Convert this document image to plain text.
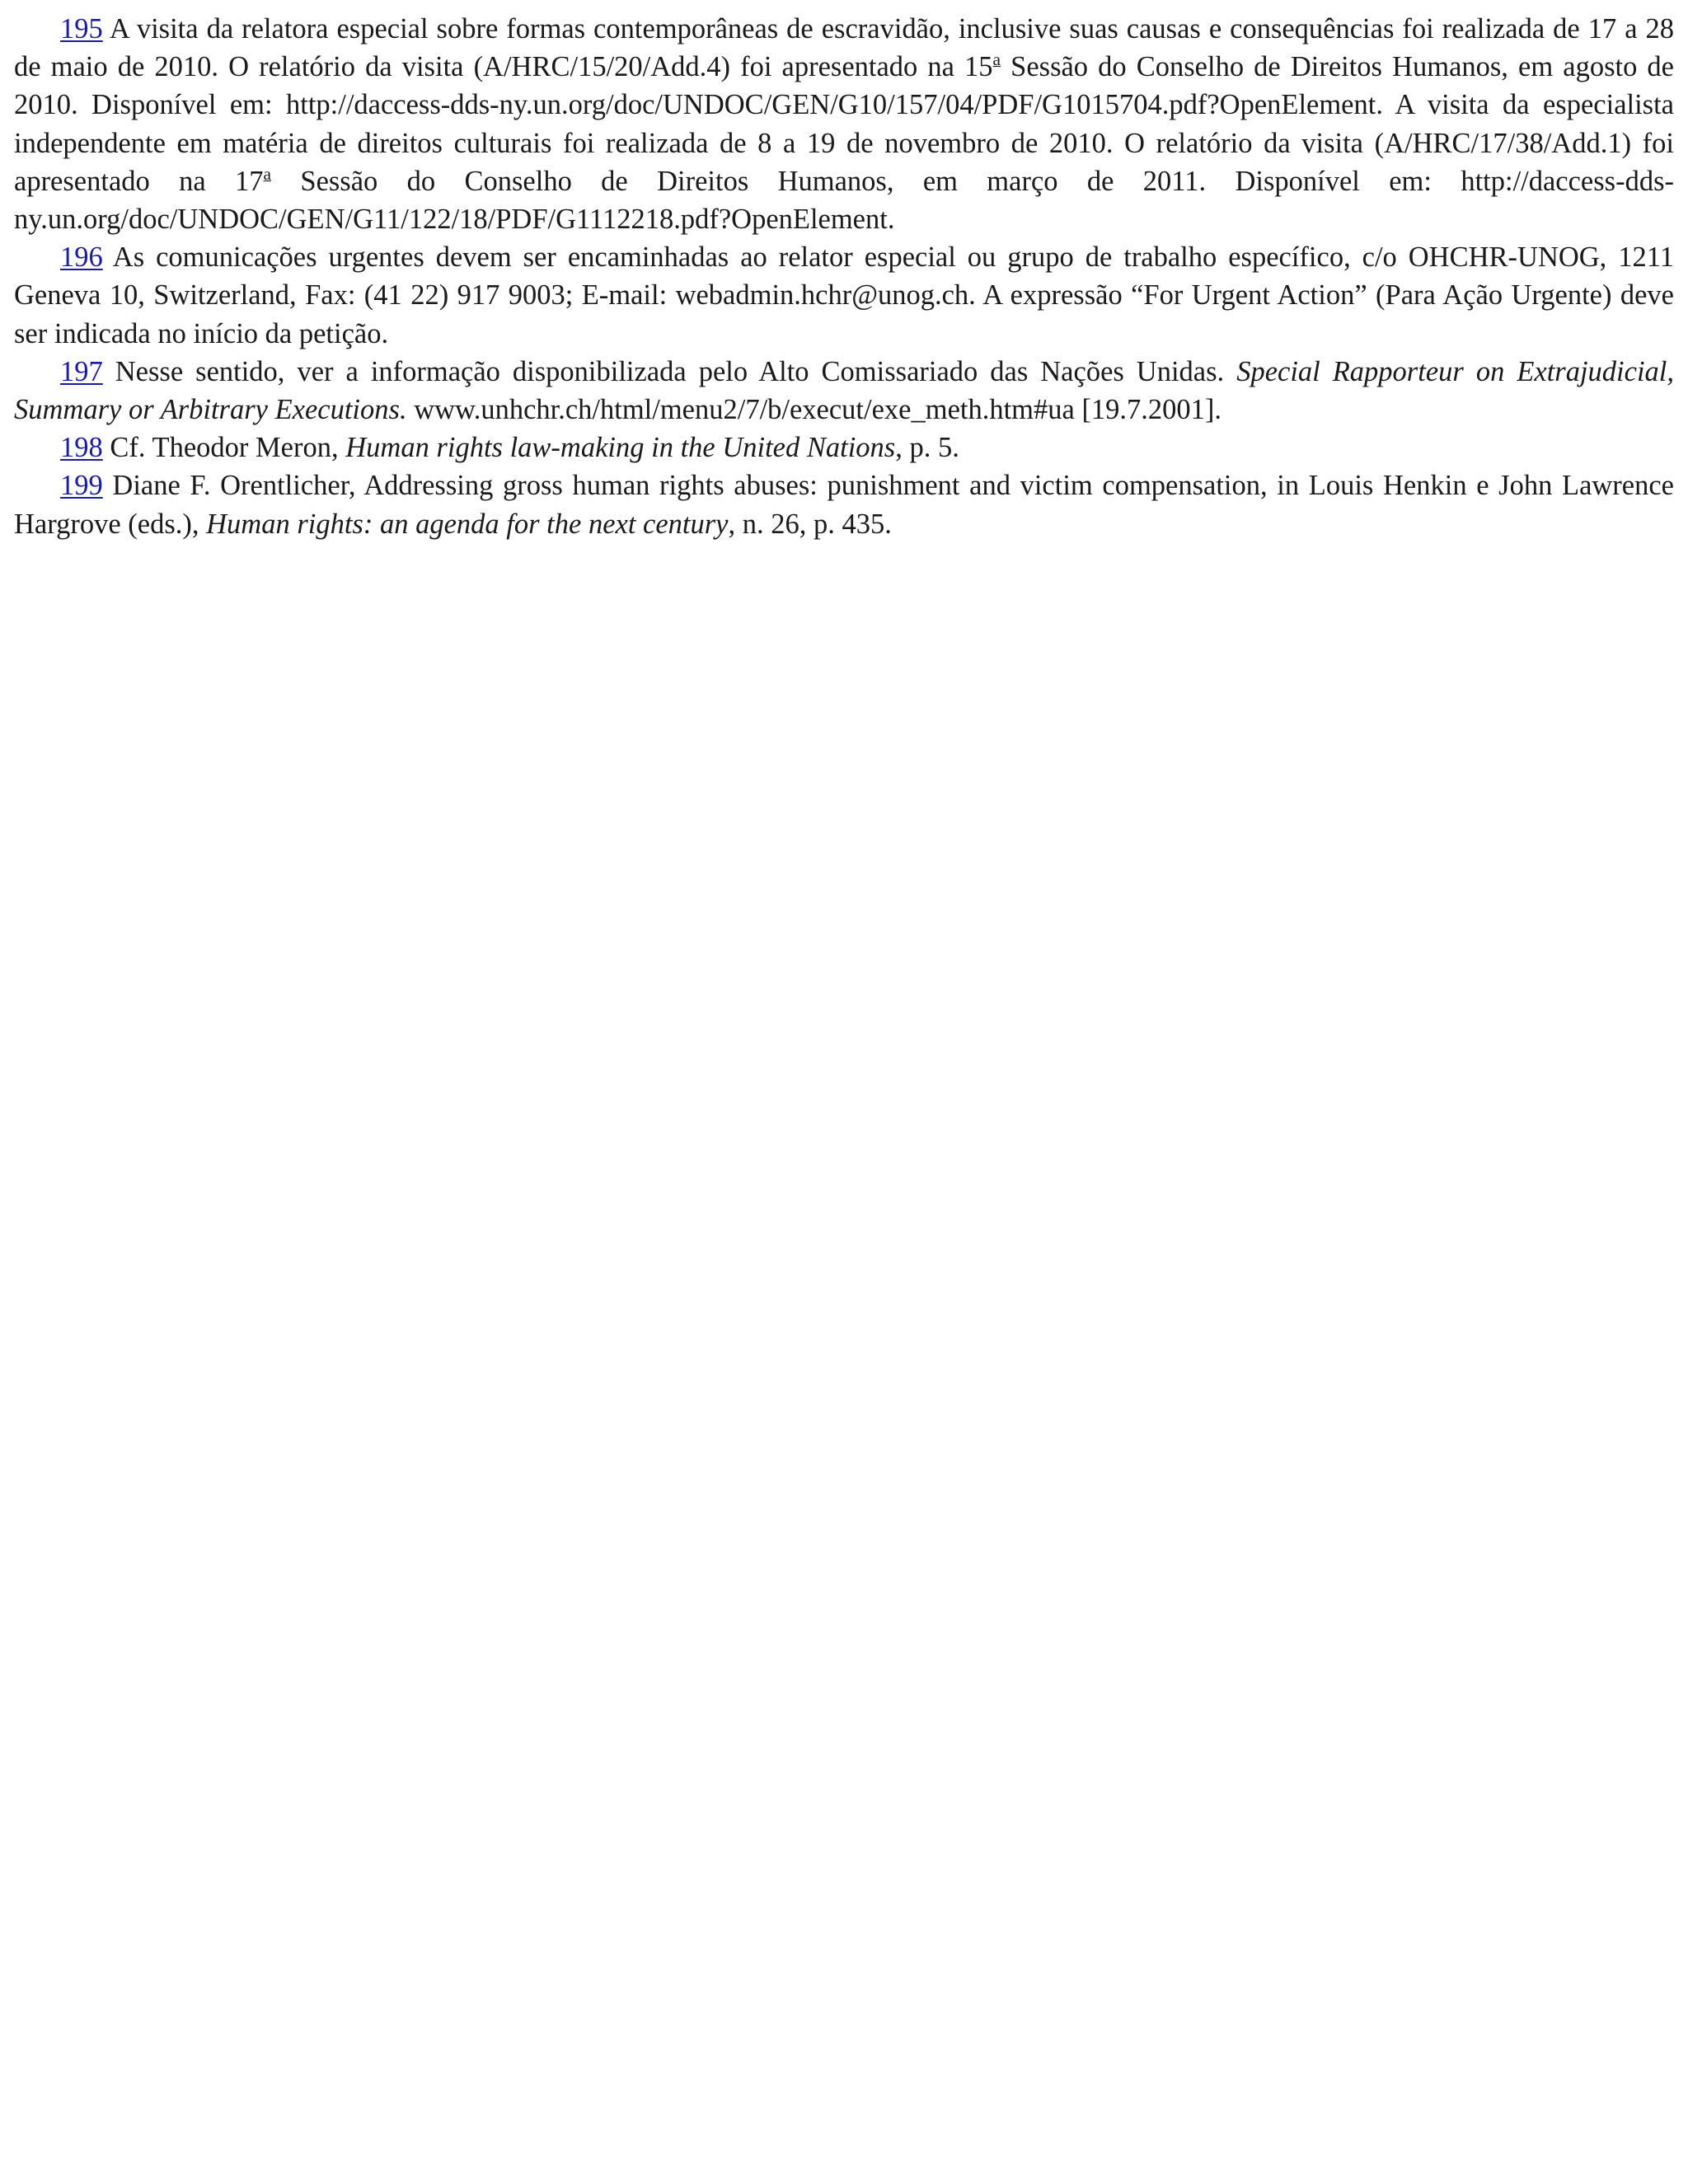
195 A visita da relatora especial sobre formas contemporâneas de escravidão, inclusive suas causas e consequências foi realizada de 17 a 28 de maio de 2010. O relatório da visita (A/HRC/15/20/Add.4) foi apresentado na 15$^a$ Sessão do Conselho de Direitos Humanos, em agosto de 2010. Disponível em: http://daccess-dds-ny.un.org/doc/UNDOC/GEN/G10/157/04/PDF/G1015704.pdf?OpenElement. A visita da especialista independente em matéria de direitos culturais foi realizada de 8 a 19 de novembro de 2010. O relatório da visita (A/HRC/17/38/Add.1) foi apresentado na 17$^a$ Sessão do Conselho de Direitos Humanos, em março de 2011. Disponível em: http://daccess-dds-ny.un.org/doc/UNDOC/GEN/G11/122/18/PDF/G1112218.pdf?OpenElement.

196 As comunicações urgentes devem ser encaminhadas ao relator especial ou grupo de trabalho específico, c/o OHCHR-UNOG, 1211 Geneva 10, Switzerland, Fax: (41 22) 917 9003; E-mail: webadmin.hchr@unog.ch. A expressão “For Urgent Action” (Para Ação Urgente) deve ser indicada no início da petição.

197 Nesse sentido, ver a informação disponibilizada pelo Alto Comissariado das Nações Unidas. Special Rapporteur on Extrajudicial, Summary or Arbitrary Executions. www.unhchr.ch/html/menu2/7/b/execut/exe_meth.htm#ua [19.7.2001].

198 Cf. Theodor Meron, Human rights law-making in the United Nations, p. 5.

199 Diane F. Orentlicher, Addressing gross human rights abuses: punishment and victim compensation, in Louis Henkin e John Lawrence Hargrove (eds.), Human rights: an agenda for the next century, n. 26, p. 435.
